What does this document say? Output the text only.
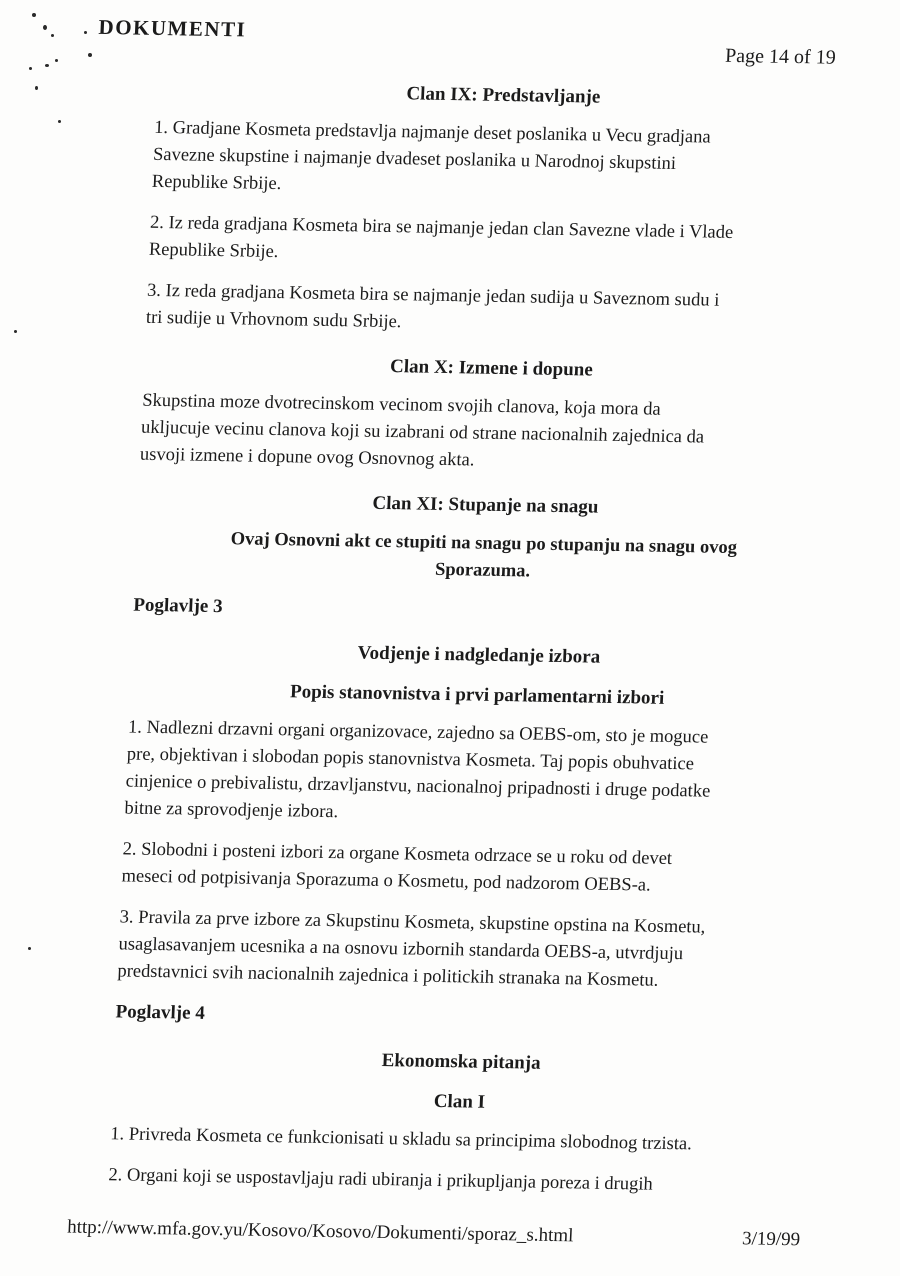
DOKUMENTI
Page 14 of 19
Clan IX: Predstavljanje

1. Gradjane Kosmeta predstavlja najmanje deset poslanika u Vecu gradjana
Savezne skupstine i najmanje dvadeset poslanika u Narodnoj skupstini
Republike Srbije.

2. Iz reda gradjana Kosmeta bira se najmanje jedan clan Savezne vlade i Vlade
Republike Srbije.

3. Iz reda gradjana Kosmeta bira se najmanje jedan sudija u Saveznom sudu i
tri sudije u Vrhovnom sudu Srbije.

Clan X: Izmene i dopune

Skupstina moze dvotrecinskom vecinom svojih clanova, koja mora da
ukljucuje vecinu clanova koji su izabrani od strane nacionalnih zajednica da
usvoji izmene i dopune ovog Osnovnog akta.

Clan XI: Stupanje na snagu

Ovaj Osnovni akt ce stupiti na snagu po stupanju na snagu ovog
Sporazuma.

Poglavlje 3
Vodjenje i nadgledanje izbora
Popis stanovnistva i prvi parlamentarni izbori

1. Nadlezni drzavni organi organizovace, zajedno sa OEBS-om, sto je moguce
pre, objektivan i slobodan popis stanovnistva Kosmeta. Taj popis obuhvatice
cinjenice o prebivalistu, drzavljanstvu, nacionalnoj pripadnosti i druge podatke
bitne za sprovodjenje izbora.

2. Slobodni i posteni izbori za organe Kosmeta odrzace se u roku od devet
meseci od potpisivanja Sporazuma o Kosmetu, pod nadzorom OEBS-a.

3. Pravila za prve izbore za Skupstinu Kosmeta, skupstine opstina na Kosmetu,
usaglasavanjem ucesnika a na osnovu izbornih standarda OEBS-a, utvrdjuju
predstavnici svih nacionalnih zajednica i politickih stranaka na Kosmetu.

Poglavlje 4
Ekonomska pitanja
Clan I

1. Privreda Kosmeta ce funkcionisati u skladu sa principima slobodnog trzista.

2. Organi koji se uspostavljaju radi ubiranja i prikupljanja poreza i drugih

http://www.mfa.gov.yu/Kosovo/Kosovo/Dokumenti/sporaz_s.html	3/19/99
